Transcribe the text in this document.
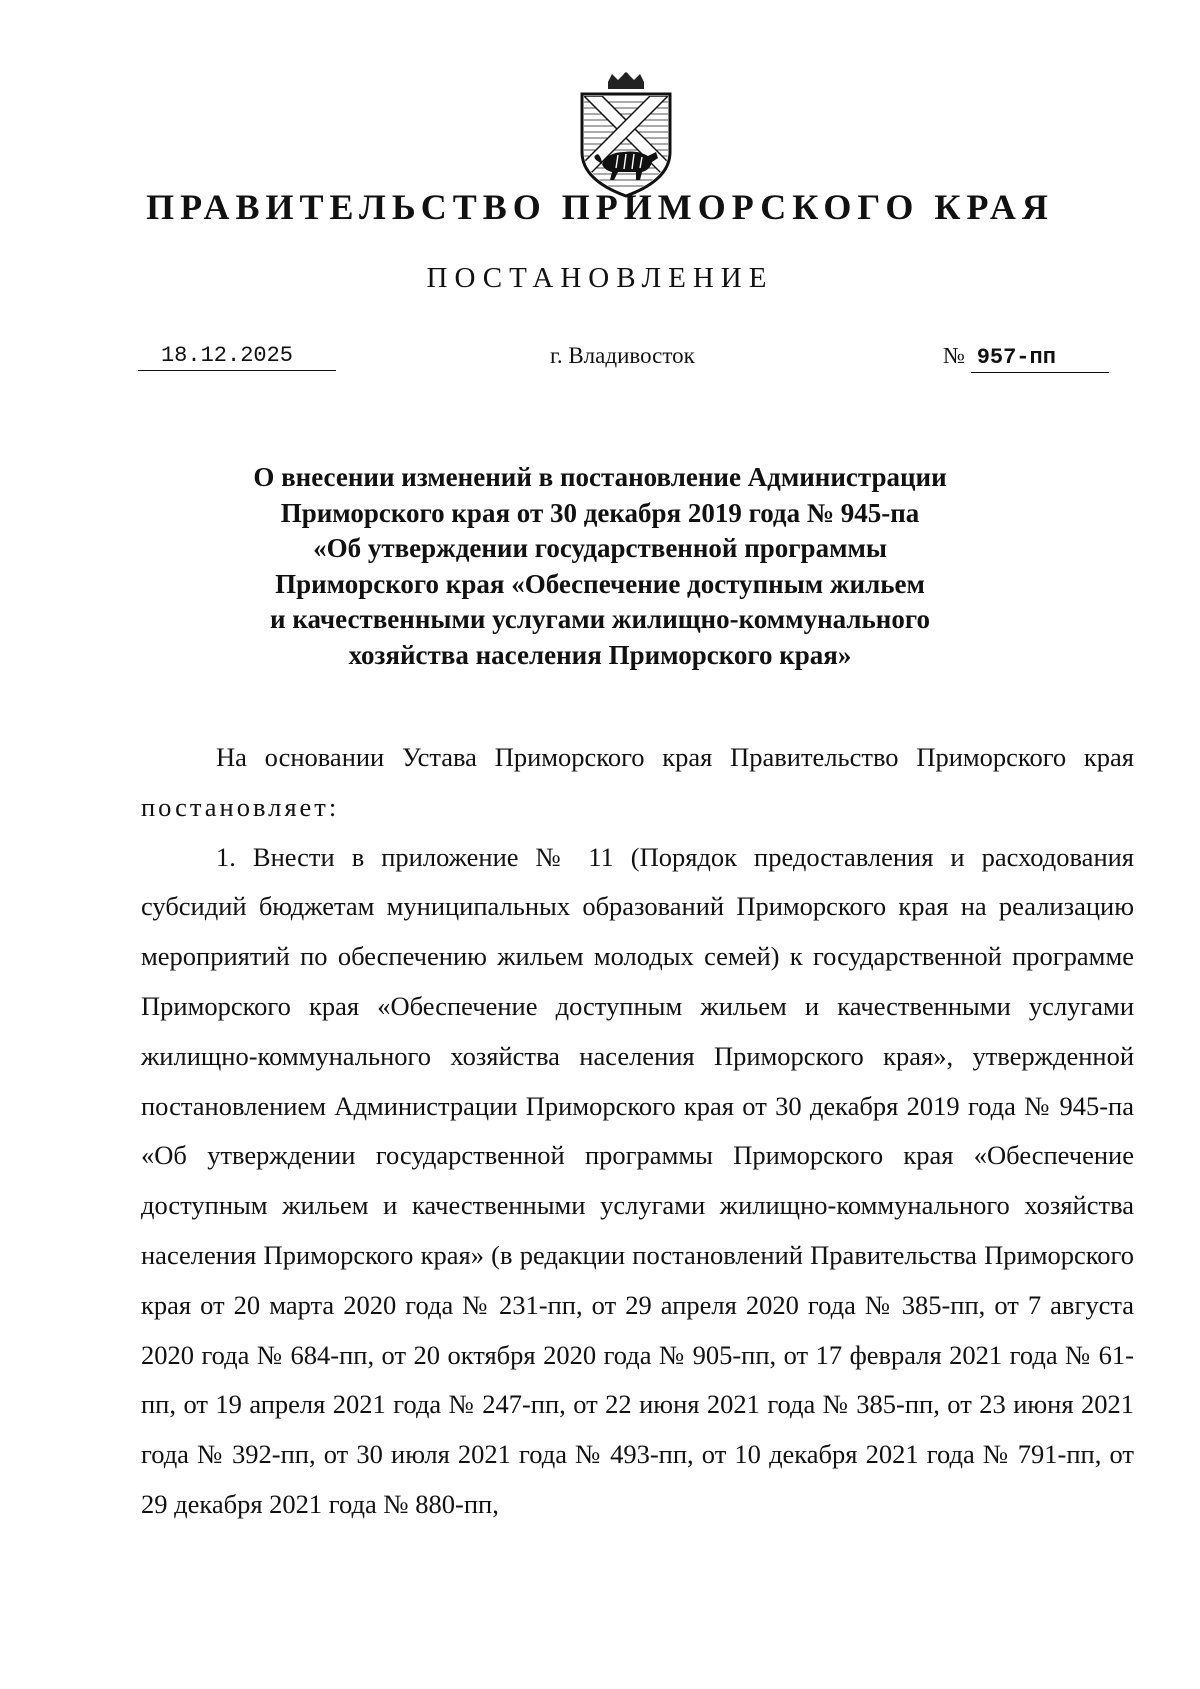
ПРАВИТЕЛЬСТВО ПРИМОРСКОГО КРАЯ
ПОСТАНОВЛЕНИЕ
18.12.2025	г. Владивосток	№ 957-пп
О внесении изменений в постановление Администрации
Приморского края от 30 декабря 2019 года № 945-па
«Об утверждении государственной программы
Приморского края «Обеспечение доступным жильем
и качественными услугами жилищно-коммунального
хозяйства населения Приморского края»

На основании Устава Приморского края Правительство Приморского края постановляет:

1. Внести в приложение № 11 (Порядок предоставления и расходования субсидий бюджетам муниципальных образований Приморского края на реализацию мероприятий по обеспечению жильем молодых семей) к государственной программе Приморского края «Обеспечение доступным жильем и качественными услугами жилищно-коммунального хозяйства населения Приморского края», утвержденной постановлением Администрации Приморского края от 30 декабря 2019 года № 945-па «Об утверждении государственной программы Приморского края «Обеспечение доступным жильем и качественными услугами жилищно-коммунального хозяйства населения Приморского края» (в редакции постановлений Правительства Приморского края от 20 марта 2020 года № 231-пп, от 29 апреля 2020 года № 385-пп, от 7 августа 2020 года № 684-пп, от 20 октября 2020 года № 905-пп, от 17 февраля 2021 года № 61-пп, от 19 апреля 2021 года № 247-пп, от 22 июня 2021 года № 385-пп, от 23 июня 2021 года № 392-пп, от 30 июля 2021 года № 493-пп, от 10 декабря 2021 года № 791-пп, от 29 декабря 2021 года № 880-пп,
